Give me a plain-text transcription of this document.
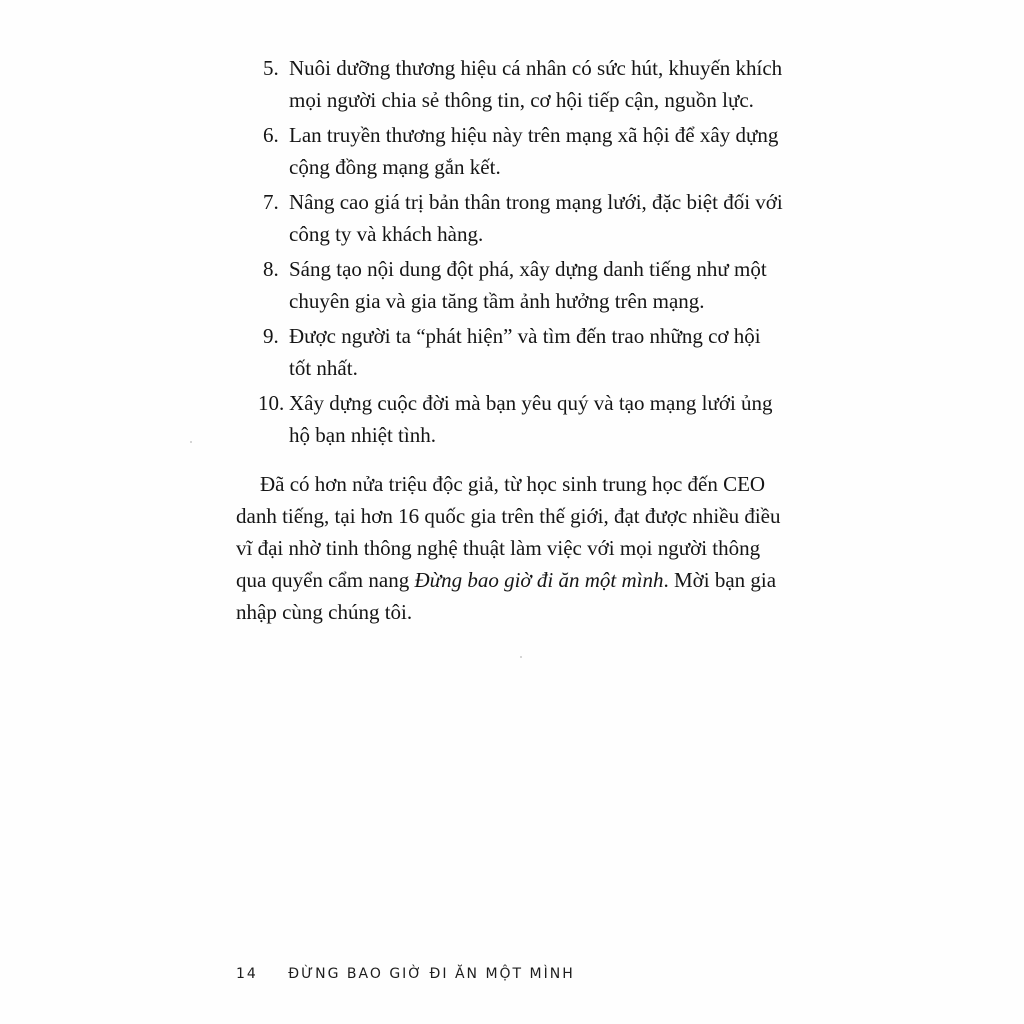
5. Nuôi dưỡng thương hiệu cá nhân có sức hút, khuyến khích
mọi người chia sẻ thông tin, cơ hội tiếp cận, nguồn lực.
6. Lan truyền thương hiệu này trên mạng xã hội để xây dựng
cộng đồng mạng gắn kết.
7. Nâng cao giá trị bản thân trong mạng lưới, đặc biệt đối với
công ty và khách hàng.
8. Sáng tạo nội dung đột phá, xây dựng danh tiếng như một
chuyên gia và gia tăng tầm ảnh hưởng trên mạng.
9. Được người ta “phát hiện” và tìm đến trao những cơ hội
tốt nhất.
10. Xây dựng cuộc đời mà bạn yêu quý và tạo mạng lưới ủng
hộ bạn nhiệt tình.

Đã có hơn nửa triệu độc giả, từ học sinh trung học đến CEO
danh tiếng, tại hơn 16 quốc gia trên thế giới, đạt được nhiều điều
vĩ đại nhờ tinh thông nghệ thuật làm việc với mọi người thông
qua quyển cẩm nang Đừng bao giờ đi ăn một mình. Mời bạn gia
nhập cùng chúng tôi.

14 ĐỪNG BAO GIỜ ĐI ĂN MỘT MÌNH
